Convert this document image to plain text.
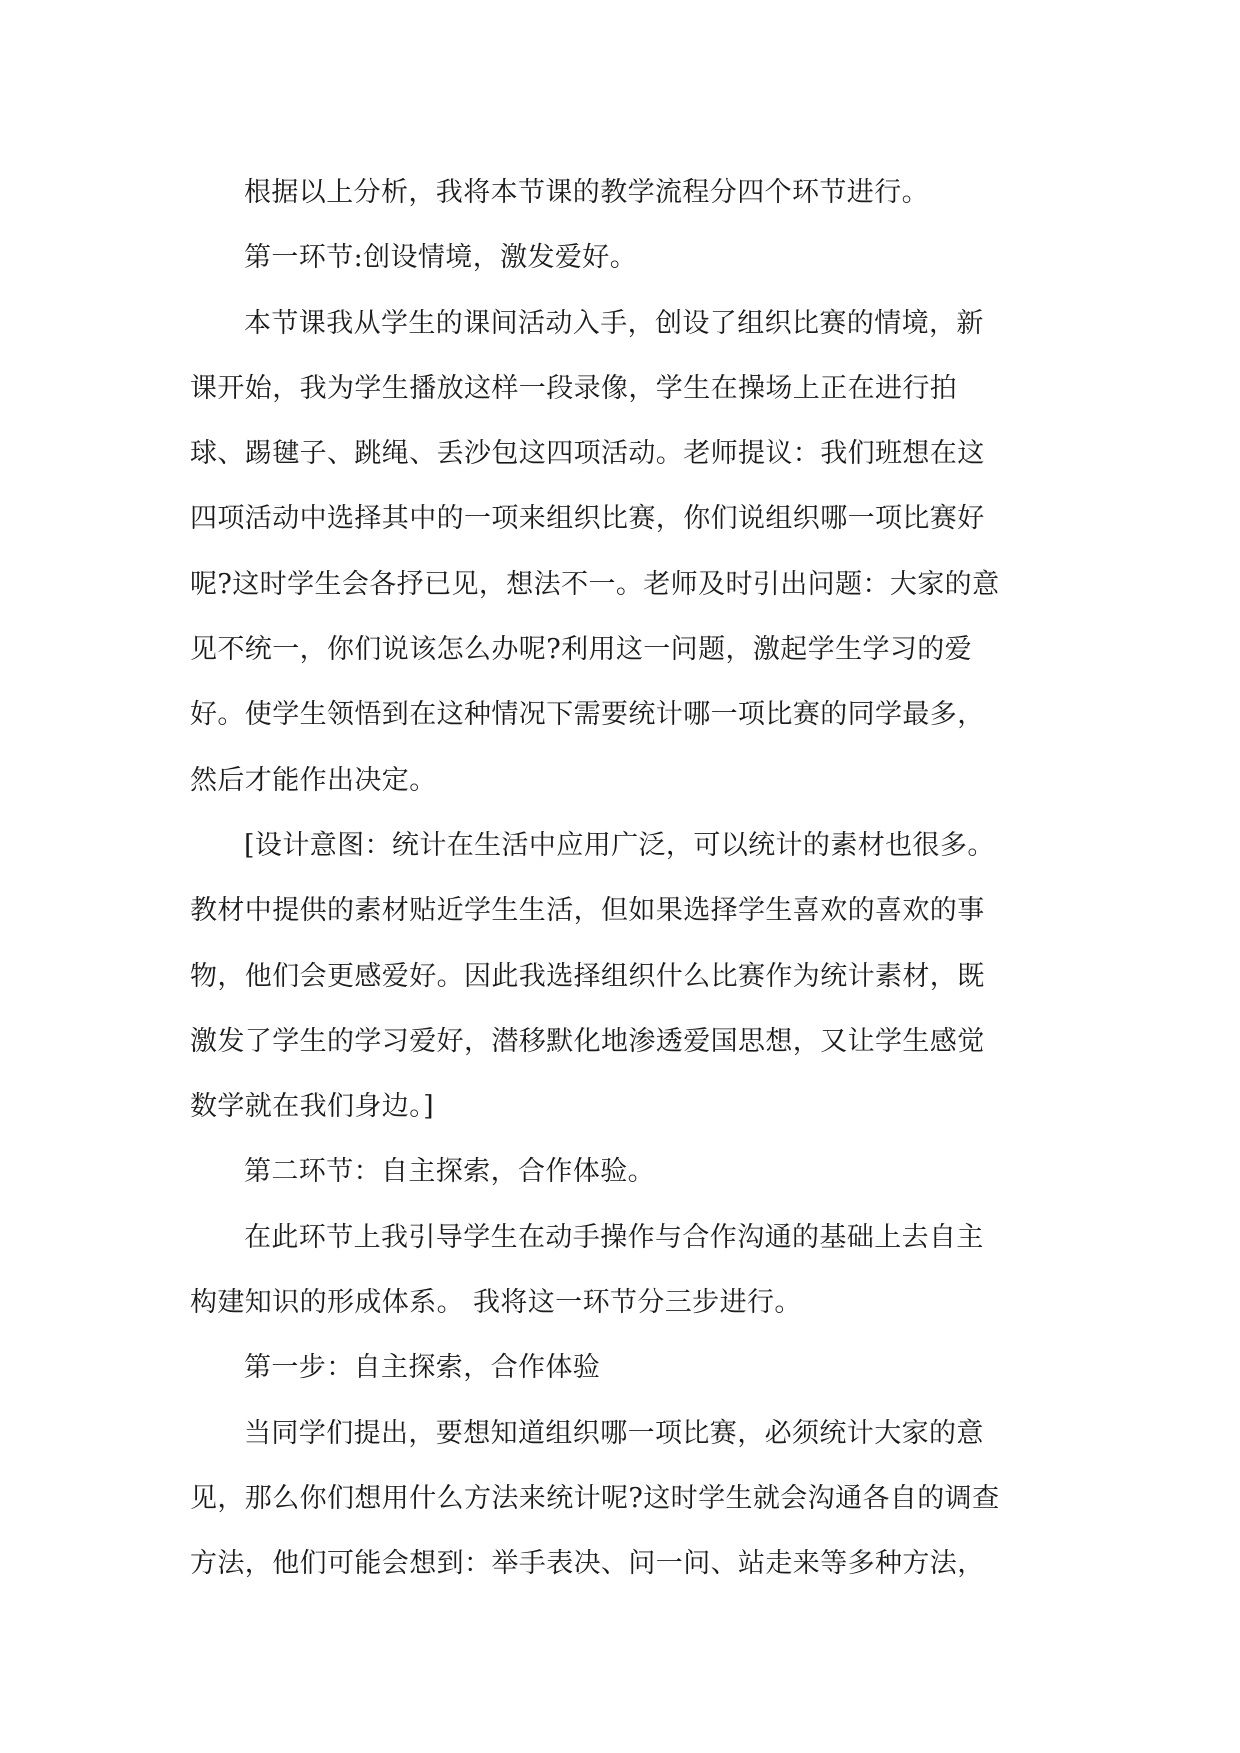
根据以上分析，我将本节课的教学流程分四个环节进行。

第一环节:创设情境，激发爱好。

本节课我从学生的课间活动入手，创设了组织比赛的情境，新
课开始，我为学生播放这样一段录像，学生在操场上正在进行拍
球、踢毽子、跳绳、丢沙包这四项活动。老师提议：我们班想在这
四项活动中选择其中的一项来组织比赛，你们说组织哪一项比赛好
呢?这时学生会各抒已见，想法不一。老师及时引出问题：大家的意
见不统一，你们说该怎么办呢?利用这一问题，激起学生学习的爱
好。使学生领悟到在这种情况下需要统计哪一项比赛的同学最多，
然后才能作出决定。

[设计意图：统计在生活中应用广泛，可以统计的素材也很多。
教材中提供的素材贴近学生生活，但如果选择学生喜欢的喜欢的事
物，他们会更感爱好。因此我选择组织什么比赛作为统计素材，既
激发了学生的学习爱好，潜移默化地渗透爱国思想，又让学生感觉
数学就在我们身边。]

第二环节：自主探索，合作体验。

在此环节上我引导学生在动手操作与合作沟通的基础上去自主
构建知识的形成体系。 我将这一环节分三步进行。

第一步：自主探索，合作体验

当同学们提出，要想知道组织哪一项比赛，必须统计大家的意
见，那么你们想用什么方法来统计呢?这时学生就会沟通各自的调查
方法，他们可能会想到：举手表决、问一问、站走来等多种方法，
